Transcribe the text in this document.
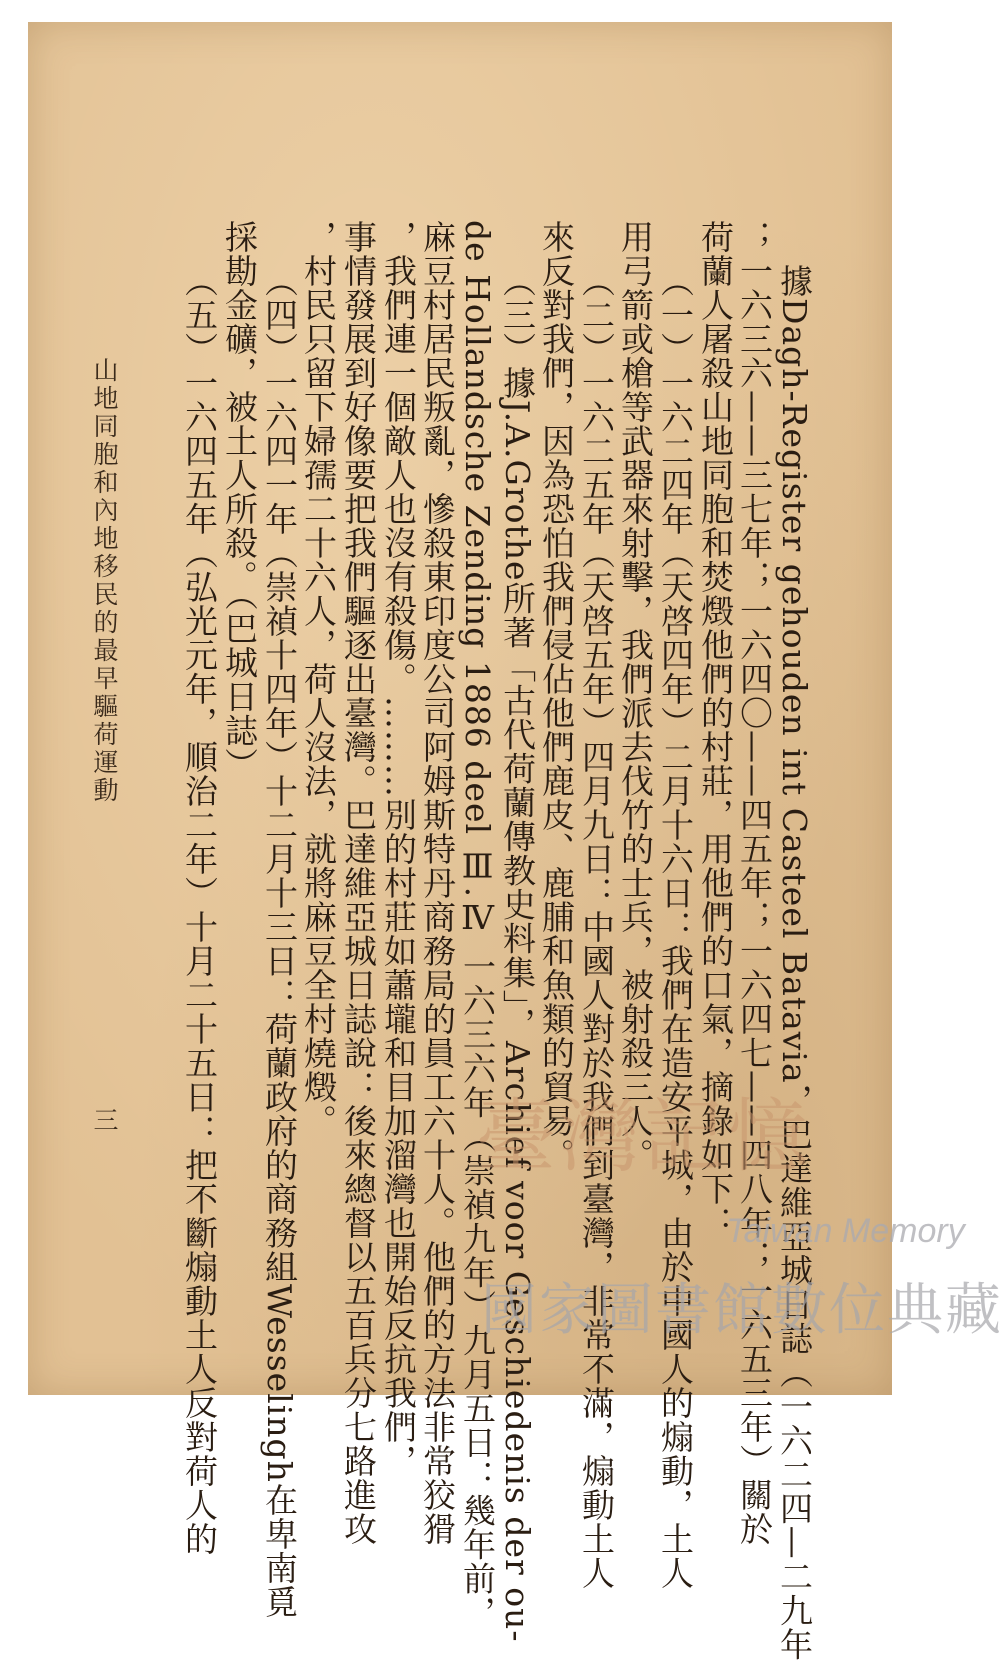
據Dagh-Register gehouden int Casteel Batavia，巴達維亞城日誌（一六二四—二九年
；一六三六——三七年；一六四〇——四五年；一六四七——四八年；一六五三年）關於
荷蘭人屠殺山地同胞和焚燬他們的村莊，用他們的口氣，摘錄如下：
（一）一六二四年（天啓四年）二月十六日：我們在造安平城，由於中國人的煽動，土人
用弓箭或槍等武器來射擊，我們派去伐竹的士兵，被射殺三人。
（二）一六二五年（天啓五年）四月九日：中國人對於我們到臺灣，非常不滿，煽動土人
來反對我們，因為恐怕我們侵佔他們鹿皮、鹿脯和魚類的貿易。
（三）據J.A.Grothe所著「古代荷蘭傳教史料集」，Archief voor Geschiedenis der ou-
de Hollandsche Zending 1886 deel Ⅲ.Ⅳ 一六三六年（崇禎九年）九月五日：幾年前，
麻豆村居民叛亂，慘殺東印度公司阿姆斯特丹商務局的員工六十人。他們的方法非常狡猾
，我們連一個敵人也沒有殺傷。………別的村莊如蕭壠和目加溜灣也開始反抗我們，
事情發展到好像要把我們驅逐出臺灣。巴達維亞城日誌說：後來總督以五百兵分七路進攻
，村民只留下婦孺二十六人，荷人沒法，就將麻豆全村燒燬。
（四）一六四一年（崇禎十四年）十二月十三日：荷蘭政府的商務組Wesselingh在卑南覓
採勘金礦，被土人所殺。（巴城日誌）
（五）一六四五年（弘光元年，順治二年）十月二十五日：把不斷煽動土人反對荷人的
山地同胞和內地移民的最早驅荷運動
三	臺灣記憶
Taiwan Memory
國家圖書館數位典藏
